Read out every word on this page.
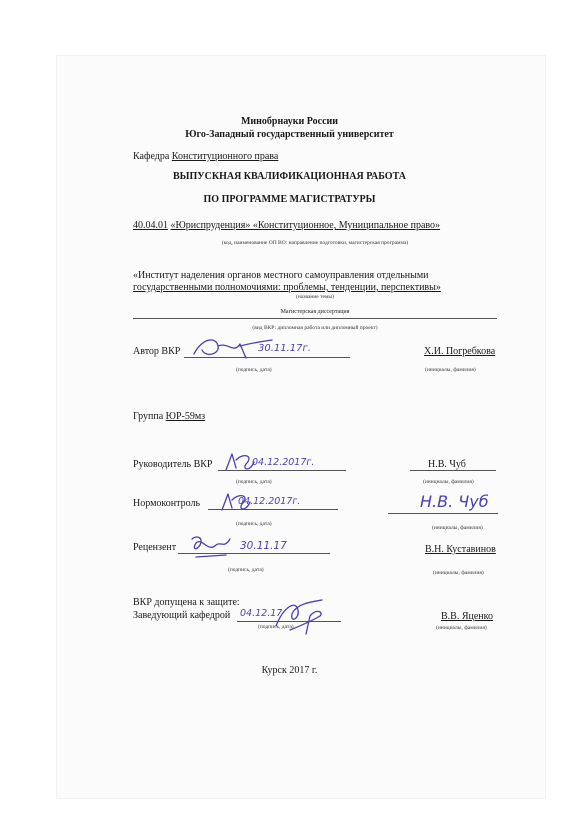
Минобрнауки России
Юго-Западный государственный университет
Кафедра Конституционного права
ВЫПУСКНАЯ КВАЛИФИКАЦИОННАЯ РАБОТА
ПО ПРОГРАММЕ МАГИСТРАТУРЫ
40.04.01 «Юриспруденция» «Конституционное, Муниципальное право»
(код, наименование ОП ВО: направление подготовки, магистерская программа)
«Институт наделения органов местного самоуправления отдельными
государственными полномочиями: проблемы, тенденции, перспективы»
(название темы)
Магистерская диссертация
(вид ВКР: дипломная работа или дипломный проект)
Автор ВКР	30.11.17г.	Х.И. Погребкова
(подпись, дата)	(инициалы, фамилия)
Группа ЮР-59мз
Руководитель ВКР	04.12.2017г.	Н.В. Чуб
(подпись, дата)	(инициалы, фамилия)
Нормоконтроль	04.12.2017г.	Н.В. Чуб
(подпись, дата)
(инициалы, фамилия)
Рецензент	30.11.17	В.Н. Куставинов
(подпись, дата)	(инициалы, фамилия)
ВКР допущена к защите:
Заведующий кафедрой 04.12.17	В.В. Яценко
(подпись, дата)	(инициалы, фамилия)
Курск 2017 г.
